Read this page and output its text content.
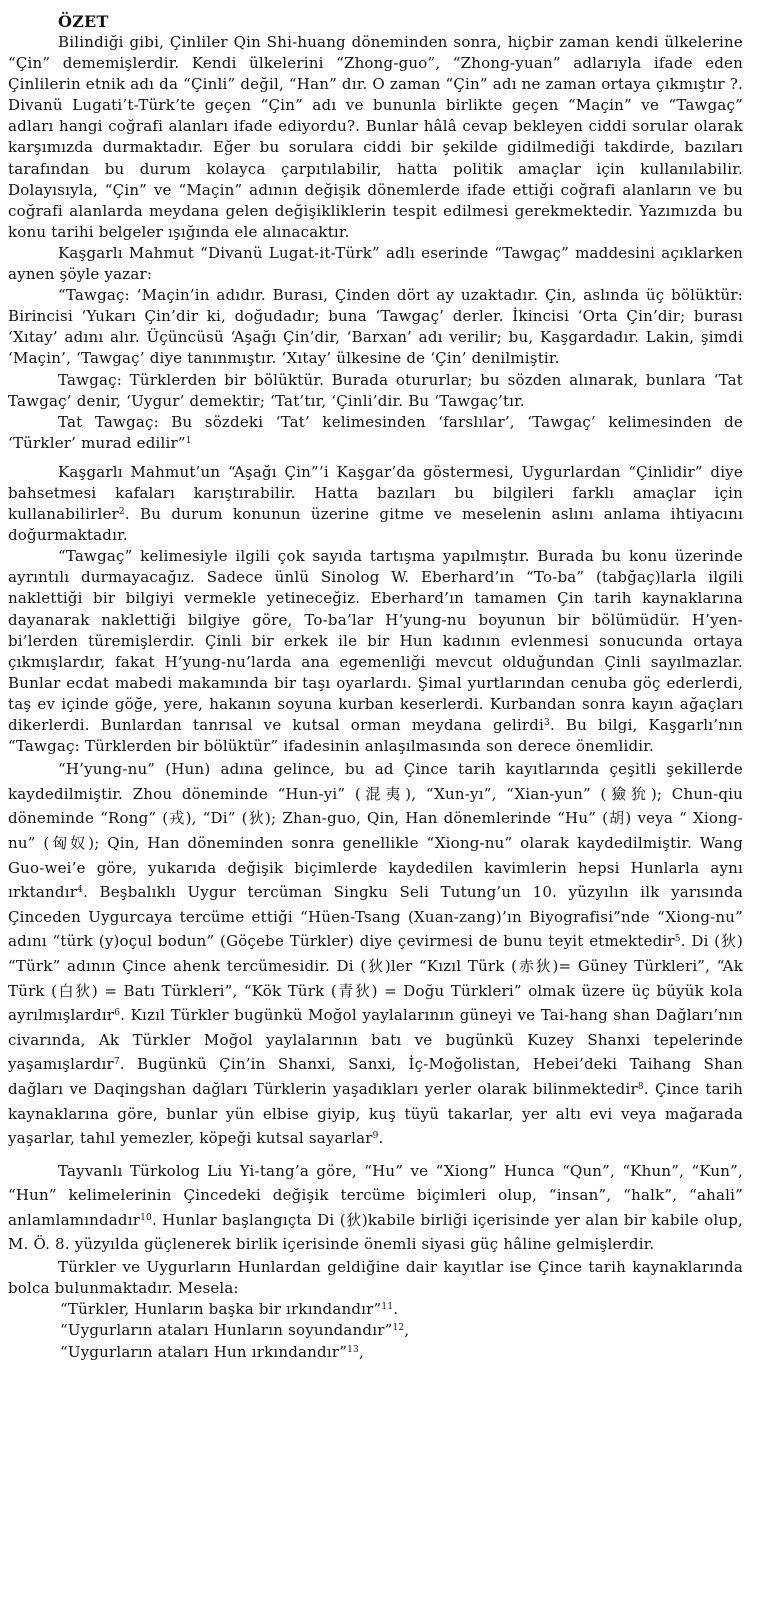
ÖZET

Bilindiği gibi, Çinliler Qin Shi-huang döneminden sonra, hiçbir zaman kendi ülkelerine “Çin” dememişlerdir. Kendi ülkelerini “Zhong-guo”, “Zhong-yuan” adlarıyla ifade eden Çinlilerin etnik adı da “Çinli” değil, “Han” dır. O zaman “Çin” adı ne zaman ortaya çıkmıştır ?. Divanü Lugati’t-Türk’te geçen “Çin” adı ve bununla birlikte geçen “Maçin” ve “Tawgaç” adları hangi coğrafi alanları ifade ediyordu?. Bunlar hâlâ cevap bekleyen ciddi sorular olarak karşımızda durmaktadır. Eğer bu sorulara ciddi bir şekilde gidilmediği takdirde, bazıları tarafından bu durum kolayca çarpıtılabilir, hatta politik amaçlar için kullanılabilir. Dolayısıyla, “Çin” ve “Maçin” adının değişik dönemlerde ifade ettiği coğrafi alanların ve bu coğrafi alanlarda meydana gelen değişikliklerin tespit edilmesi gerekmektedir. Yazımızda bu konu tarihi belgeler ışığında ele alınacaktır.

Kaşgarlı Mahmut “Divanü Lugat-it-Türk” adlı eserinde “Tawgaç” maddesini açıklarken aynen şöyle yazar:

“Tawgaç: ‘Maçin’in adıdır. Burası, Çinden dört ay uzaktadır. Çin, aslında üç bölüktür: Birincisi ‘Yukarı Çin’dir ki, doğudadır; buna ‘Tawgaç’ derler. İkincisi ‘Orta Çin’dir; burası ‘Xıtay’ adını alır. Üçüncüsü ‘Aşağı Çin’dir, ‘Barxan’ adı verilir; bu, Kaşgardadır. Lakin, şimdi ‘Maçin’, ‘Tawgaç’ diye tanınmıştır. ‘Xıtay’ ülkesine de ‘Çin’ denilmiştir.

Tawgaç: Türklerden bir bölüktür. Burada otururlar; bu sözden alınarak, bunlara ‘Tat Tawgaç’ denir, ‘Uygur’ demektir; ‘Tat’tır, ‘Çinli’dir. Bu ‘Tawgaç’tır.

Tat Tawgaç: Bu sözdeki ‘Tat’ kelimesinden ‘farslılar’, ‘Tawgaç’ kelimesinden de ‘Türkler’ murad edilir”$^1$

Kaşgarlı Mahmut’un “Aşağı Çin”’i Kaşgar’da göstermesi, Uygurlardan “Çinlidir” diye bahsetmesi kafaları karıştırabilir. Hatta bazıları bu bilgileri farklı amaçlar için kullanabilirler$^2$. Bu durum konunun üzerine gitme ve meselenin aslını anlama ihtiyacını doğurmaktadır.

“Tawgaç” kelimesiyle ilgili çok sayıda tartışma yapılmıştır. Burada bu konu üzerinde ayrıntılı durmayacağız. Sadece ünlü Sinolog W. Eberhard’ın “To-ba” (tabğaç)larla ilgili naklettiği bir bilgiyi vermekle yetineceğiz. Eberhard’ın tamamen Çin tarih kaynaklarına dayanarak naklettiği bilgiye göre, To-ba’lar H’yung-nu boyunun bir bölümüdür. H’yen-bi’lerden türemişlerdir. Çinli bir erkek ile bir Hun kadının evlenmesi sonucunda ortaya çıkmışlardır, fakat H’yung-nu’larda ana egemenliği mevcut olduğundan Çinli sayılmazlar. Bunlar ecdat mabedi makamında bir taşı oyarlardı. Şimal yurtlarından cenuba göç ederlerdi, taş ev içinde göğe, yere, hakanın soyuna kurban keserlerdi. Kurbandan sonra kayın ağaçları dikerlerdi. Bunlardan tanrısal ve kutsal orman meydana gelirdi$^3$. Bu bilgi, Kaşgarlı’nın “Tawgaç: Türklerden bir bölüktür” ifadesinin anlaşılmasında son derece önemlidir.

“H’yung-nu” (Hun) adına gelince, bu ad Çince tarih kayıtlarında çeşitli şekillerde kaydedilmiştir. Zhou döneminde “Hun-yi” (混夷), “Xun-yı”, “Xian-yun” (獫狁); Chun-qiu döneminde “Rong” (戎), “Di” (狄); Zhan-guo, Qin, Han dönemlerinde “Hu” (胡) veya “ Xiong-nu” (匈奴); Qin, Han döneminden sonra genellikle “Xiong-nu” olarak kaydedilmiştir. Wang Guo-wei’e göre, yukarıda değişik biçimlerde kaydedilen kavimlerin hepsi Hunlarla aynı ırktandır$^4$. Beşbalıklı Uygur tercüman Singku Seli Tutung’un 10. yüzyılın ilk yarısında Çinceden Uygurcaya tercüme ettiği “Hüen-Tsang (Xuan-zang)’ın Biyografisi”nde “Xiong-nu” adını “türk (y)oçul bodun” (Göçebe Türkler) diye çevirmesi de bunu teyit etmektedir$^5$. Di (狄) “Türk” adının Çince ahenk tercümesidir. Di (狄)ler “Kızıl Türk (赤狄)= Güney Türkleri”, “Ak Türk (白狄) = Batı Türkleri”, “Kök Türk (青狄) = Doğu Türkleri” olmak üzere üç büyük kola ayrılmışlardır$^6$. Kızıl Türkler bugünkü Moğol yaylalarının güneyi ve Tai-hang shan Dağları’nın civarında, Ak Türkler Moğol yaylalarının batı ve bugünkü Kuzey Shanxi tepelerinde yaşamışlardır$^7$. Bugünkü Çin’in Shanxi, Sanxi, İç-Moğolistan, Hebei’deki Taihang Shan dağları ve Daqingshan dağları Türklerin yaşadıkları yerler olarak bilinmektedir$^8$. Çince tarih kaynaklarına göre, bunlar yün elbise giyip, kuş tüyü takarlar, yer altı evi veya mağarada yaşarlar, tahıl yemezler, köpeği kutsal sayarlar$^9$.

Tayvanlı Türkolog Liu Yi-tang’a göre, “Hu” ve “Xiong” Hunca “Qun”, “Khun”, “Kun”, “Hun” kelimelerinin Çincedeki değişik tercüme biçimleri olup, “insan”, “halk”, “ahali” anlamlamındadır$^{10}$. Hunlar başlangıçta Di (狄)kabile birliği içerisinde yer alan bir kabile olup, M. Ö. 8. yüzyılda güçlenerek birlik içerisinde önemli siyasi güç hâline gelmişlerdir.

Türkler ve Uygurların Hunlardan geldiğine dair kayıtlar ise Çince tarih kaynaklarında bolca bulunmaktadır. Mesela:

“Türkler, Hunların başka bir ırkındandır”$^{11}$.
“Uygurların ataları Hunların soyundandır”$^{12}$,
“Uygurların ataları Hun ırkındandır”$^{13}$,
